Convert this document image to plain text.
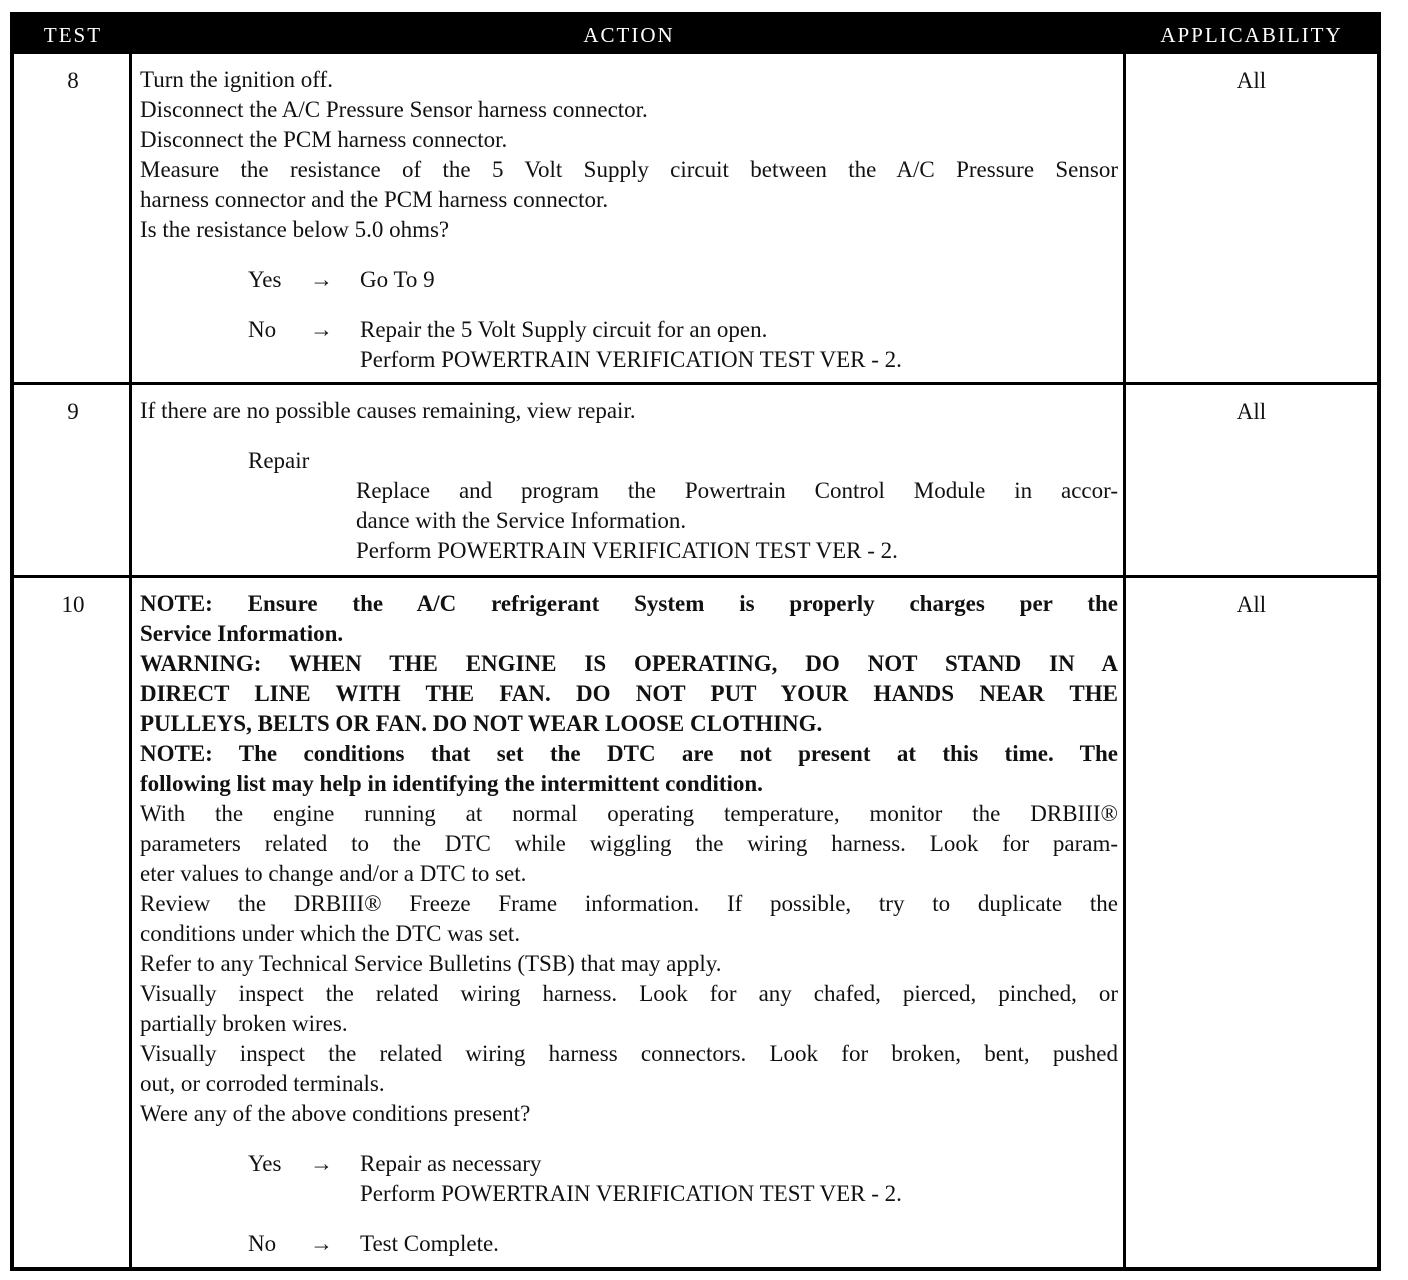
TEST	ACTION	APPLICABILITY
8	Turn the ignition off.
Disconnect the A/C Pressure Sensor harness connector.
Disconnect the PCM harness connector.
Measure the resistance of the 5 Volt Supply circuit between the A/C Pressure Sensor
harness connector and the PCM harness connector.
Is the resistance below 5.0 ohms?
Yes → Go To 9
No → Repair the 5 Volt Supply circuit for an open.
Perform POWERTRAIN VERIFICATION TEST VER - 2.
All
9	If there are no possible causes remaining, view repair.
Repair
Replace and program the Powertrain Control Module in accor-
dance with the Service Information.
Perform POWERTRAIN VERIFICATION TEST VER - 2.
All
10	NOTE: Ensure the A/C refrigerant System is properly charges per the
Service Information.
WARNING: WHEN THE ENGINE IS OPERATING, DO NOT STAND IN A
DIRECT LINE WITH THE FAN. DO NOT PUT YOUR HANDS NEAR THE
PULLEYS, BELTS OR FAN. DO NOT WEAR LOOSE CLOTHING.
NOTE: The conditions that set the DTC are not present at this time. The
following list may help in identifying the intermittent condition.
With the engine running at normal operating temperature, monitor the DRBIII®
parameters related to the DTC while wiggling the wiring harness. Look for param-
eter values to change and/or a DTC to set.
Review the DRBIII® Freeze Frame information. If possible, try to duplicate the
conditions under which the DTC was set.
Refer to any Technical Service Bulletins (TSB) that may apply.
Visually inspect the related wiring harness. Look for any chafed, pierced, pinched, or
partially broken wires.
Visually inspect the related wiring harness connectors. Look for broken, bent, pushed
out, or corroded terminals.
Were any of the above conditions present?
Yes → Repair as necessary
Perform POWERTRAIN VERIFICATION TEST VER - 2.
No → Test Complete.
All
